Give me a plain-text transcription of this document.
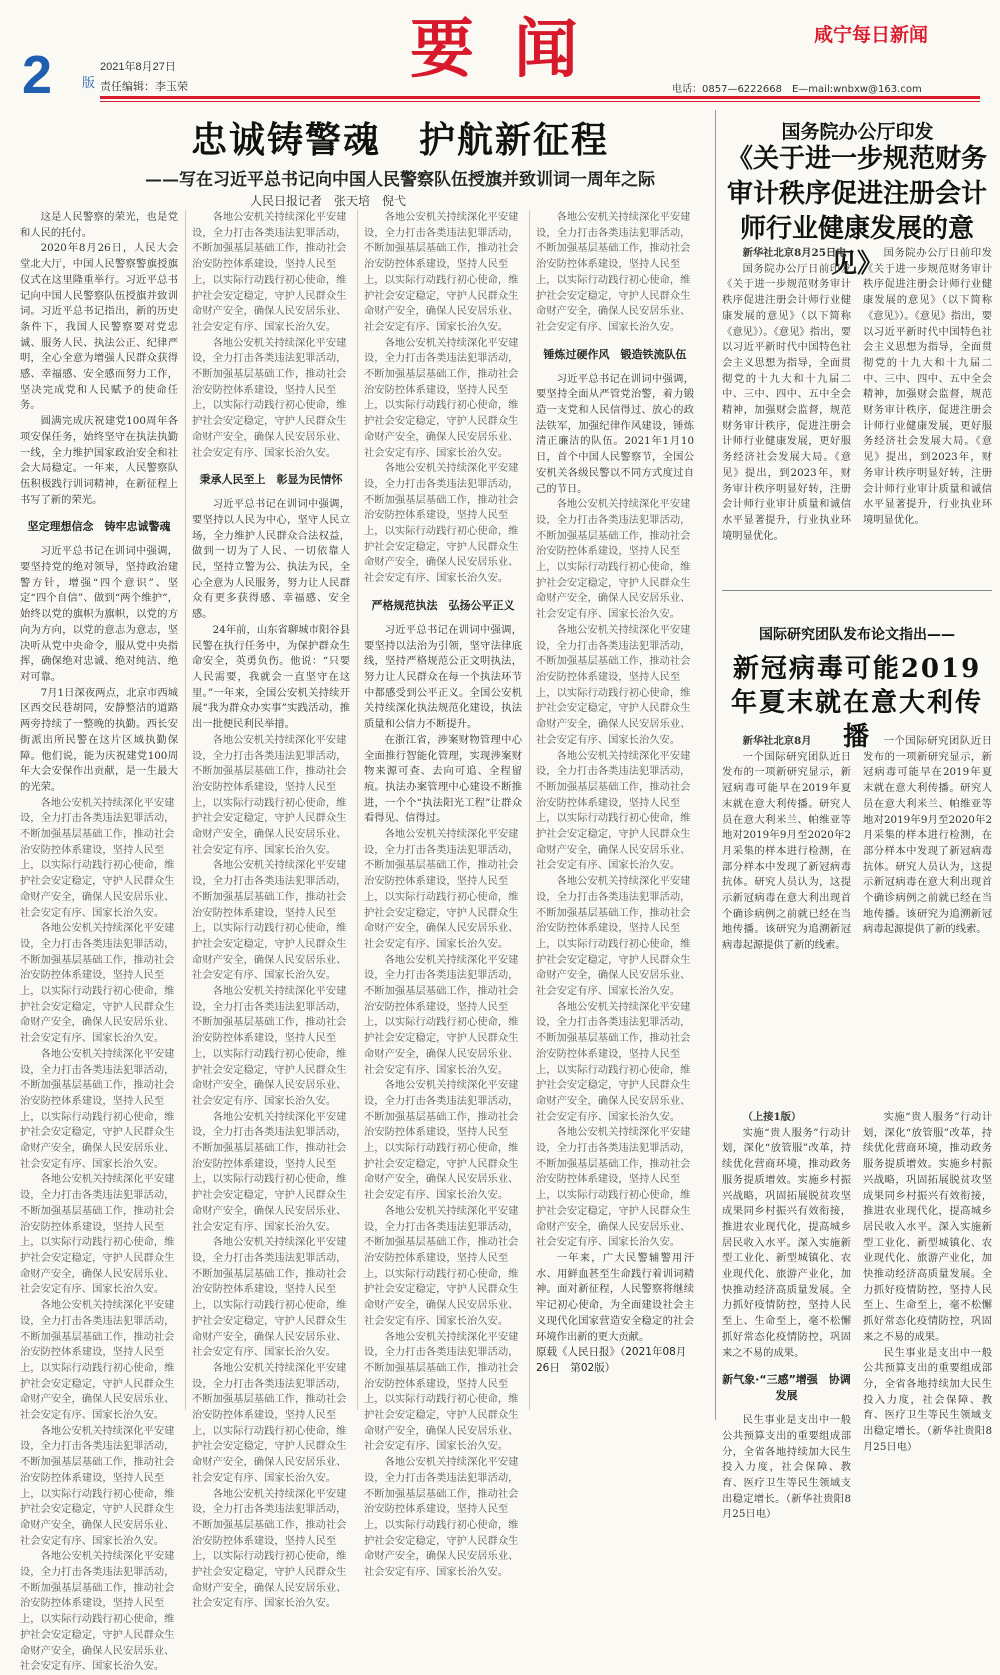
2 版
2021年8月27日
责任编辑：李玉荣	要闻	咸宁每日新闻
电话：0857—6222668　E—mail:wnbxw@163.com
忠诚铸警魂　护航新征程
——写在习近平总书记向中国人民警察队伍授旗并致训词一周年之际
人民日报记者　张天培　倪弋

这是人民警察的荣光，也是党和人民的托付。

2020年8月26日，人民大会堂北大厅，中国人民警察警旗授旗仪式在这里隆重举行。习近平总书记向中国人民警察队伍授旗并致训词。习近平总书记指出，新的历史条件下，我国人民警察要对党忠诚、服务人民、执法公正、纪律严明，全心全意为增强人民群众获得感、幸福感、安全感而努力工作，坚决完成党和人民赋予的使命任务。

圆满完成庆祝建党100周年各项安保任务，始终坚守在执法执勤一线，全力维护国家政治安全和社会大局稳定。一年来，人民警察队伍积极践行训词精神，在新征程上书写了新的荣光。

坚定理想信念　铸牢忠诚警魂

习近平总书记在训词中强调，要坚持党的绝对领导，坚持政治建警方针，增强“四个意识”、坚定“四个自信”、做到“两个维护”，始终以党的旗帜为旗帜，以党的方向为方向，以党的意志为意志，坚决听从党中央命令，服从党中央指挥，确保绝对忠诚、绝对纯洁、绝对可靠。

7月1日深夜两点，北京市西城区西交民巷胡同，安静整洁的道路两旁持续了一整晚的执勤。西长安街派出所民警在这片区域执勤保障。他们说，能为庆祝建党100周年大会安保作出贡献，是一生最大的光荣。

各地公安机关持续深化平安建设，全力打击各类违法犯罪活动，不断加强基层基础工作，推动社会治安防控体系建设，坚持人民至上，以实际行动践行初心使命，维护社会安定稳定，守护人民群众生命财产安全，确保人民安居乐业、社会安定有序、国家长治久安。

各地公安机关持续深化平安建设，全力打击各类违法犯罪活动，不断加强基层基础工作，推动社会治安防控体系建设，坚持人民至上，以实际行动践行初心使命，维护社会安定稳定，守护人民群众生命财产安全，确保人民安居乐业、社会安定有序、国家长治久安。

各地公安机关持续深化平安建设，全力打击各类违法犯罪活动，不断加强基层基础工作，推动社会治安防控体系建设，坚持人民至上，以实际行动践行初心使命，维护社会安定稳定，守护人民群众生命财产安全，确保人民安居乐业、社会安定有序、国家长治久安。

各地公安机关持续深化平安建设，全力打击各类违法犯罪活动，不断加强基层基础工作，推动社会治安防控体系建设，坚持人民至上，以实际行动践行初心使命，维护社会安定稳定，守护人民群众生命财产安全，确保人民安居乐业、社会安定有序、国家长治久安。

各地公安机关持续深化平安建设，全力打击各类违法犯罪活动，不断加强基层基础工作，推动社会治安防控体系建设，坚持人民至上，以实际行动践行初心使命，维护社会安定稳定，守护人民群众生命财产安全，确保人民安居乐业、社会安定有序、国家长治久安。

各地公安机关持续深化平安建设，全力打击各类违法犯罪活动，不断加强基层基础工作，推动社会治安防控体系建设，坚持人民至上，以实际行动践行初心使命，维护社会安定稳定，守护人民群众生命财产安全，确保人民安居乐业、社会安定有序、国家长治久安。

各地公安机关持续深化平安建设，全力打击各类违法犯罪活动，不断加强基层基础工作，推动社会治安防控体系建设，坚持人民至上，以实际行动践行初心使命，维护社会安定稳定，守护人民群众生命财产安全，确保人民安居乐业、社会安定有序、国家长治久安。

各地公安机关持续深化平安建设，全力打击各类违法犯罪活动，不断加强基层基础工作，推动社会治安防控体系建设，坚持人民至上，以实际行动践行初心使命，维护社会安定稳定，守护人民群众生命财产安全，确保人民安居乐业、社会安定有序、国家长治久安。

各地公安机关持续深化平安建设，全力打击各类违法犯罪活动，不断加强基层基础工作，推动社会治安防控体系建设，坚持人民至上，以实际行动践行初心使命，维护社会安定稳定，守护人民群众生命财产安全，确保人民安居乐业、社会安定有序、国家长治久安。

秉承人民至上　彰显为民情怀

习近平总书记在训词中强调，要坚持以人民为中心，坚守人民立场，全力维护人民群众合法权益，做到一切为了人民、一切依靠人民，坚持立警为公、执法为民，全心全意为人民服务，努力让人民群众有更多获得感、幸福感、安全感。

24年前，山东省聊城市阳谷县民警在执行任务中，为保护群众生命安全，英勇负伤。他说：“只要人民需要，我就会一直坚守在这里。”一年来，全国公安机关持续开展“我为群众办实事”实践活动，推出一批便民利民举措。

各地公安机关持续深化平安建设，全力打击各类违法犯罪活动，不断加强基层基础工作，推动社会治安防控体系建设，坚持人民至上，以实际行动践行初心使命，维护社会安定稳定，守护人民群众生命财产安全，确保人民安居乐业、社会安定有序、国家长治久安。

各地公安机关持续深化平安建设，全力打击各类违法犯罪活动，不断加强基层基础工作，推动社会治安防控体系建设，坚持人民至上，以实际行动践行初心使命，维护社会安定稳定，守护人民群众生命财产安全，确保人民安居乐业、社会安定有序、国家长治久安。

各地公安机关持续深化平安建设，全力打击各类违法犯罪活动，不断加强基层基础工作，推动社会治安防控体系建设，坚持人民至上，以实际行动践行初心使命，维护社会安定稳定，守护人民群众生命财产安全，确保人民安居乐业、社会安定有序、国家长治久安。

各地公安机关持续深化平安建设，全力打击各类违法犯罪活动，不断加强基层基础工作，推动社会治安防控体系建设，坚持人民至上，以实际行动践行初心使命，维护社会安定稳定，守护人民群众生命财产安全，确保人民安居乐业、社会安定有序、国家长治久安。

各地公安机关持续深化平安建设，全力打击各类违法犯罪活动，不断加强基层基础工作，推动社会治安防控体系建设，坚持人民至上，以实际行动践行初心使命，维护社会安定稳定，守护人民群众生命财产安全，确保人民安居乐业、社会安定有序、国家长治久安。

各地公安机关持续深化平安建设，全力打击各类违法犯罪活动，不断加强基层基础工作，推动社会治安防控体系建设，坚持人民至上，以实际行动践行初心使命，维护社会安定稳定，守护人民群众生命财产安全，确保人民安居乐业、社会安定有序、国家长治久安。

各地公安机关持续深化平安建设，全力打击各类违法犯罪活动，不断加强基层基础工作，推动社会治安防控体系建设，坚持人民至上，以实际行动践行初心使命，维护社会安定稳定，守护人民群众生命财产安全，确保人民安居乐业、社会安定有序、国家长治久安。

各地公安机关持续深化平安建设，全力打击各类违法犯罪活动，不断加强基层基础工作，推动社会治安防控体系建设，坚持人民至上，以实际行动践行初心使命，维护社会安定稳定，守护人民群众生命财产安全，确保人民安居乐业、社会安定有序、国家长治久安。

各地公安机关持续深化平安建设，全力打击各类违法犯罪活动，不断加强基层基础工作，推动社会治安防控体系建设，坚持人民至上，以实际行动践行初心使命，维护社会安定稳定，守护人民群众生命财产安全，确保人民安居乐业、社会安定有序、国家长治久安。

各地公安机关持续深化平安建设，全力打击各类违法犯罪活动，不断加强基层基础工作，推动社会治安防控体系建设，坚持人民至上，以实际行动践行初心使命，维护社会安定稳定，守护人民群众生命财产安全，确保人民安居乐业、社会安定有序、国家长治久安。

严格规范执法　弘扬公平正义

习近平总书记在训词中强调，要坚持以法治为引领，坚守法律底线，坚持严格规范公正文明执法，努力让人民群众在每一个执法环节中都感受到公平正义。全国公安机关持续深化执法规范化建设，执法质量和公信力不断提升。

在浙江省，涉案财物管理中心全面推行智能化管理，实现涉案财物来源可查、去向可追、全程留痕。执法办案管理中心建设不断推进，一个个“执法阳光工程”让群众看得见、信得过。

各地公安机关持续深化平安建设，全力打击各类违法犯罪活动，不断加强基层基础工作，推动社会治安防控体系建设，坚持人民至上，以实际行动践行初心使命，维护社会安定稳定，守护人民群众生命财产安全，确保人民安居乐业、社会安定有序、国家长治久安。

各地公安机关持续深化平安建设，全力打击各类违法犯罪活动，不断加强基层基础工作，推动社会治安防控体系建设，坚持人民至上，以实际行动践行初心使命，维护社会安定稳定，守护人民群众生命财产安全，确保人民安居乐业、社会安定有序、国家长治久安。

各地公安机关持续深化平安建设，全力打击各类违法犯罪活动，不断加强基层基础工作，推动社会治安防控体系建设，坚持人民至上，以实际行动践行初心使命，维护社会安定稳定，守护人民群众生命财产安全，确保人民安居乐业、社会安定有序、国家长治久安。

各地公安机关持续深化平安建设，全力打击各类违法犯罪活动，不断加强基层基础工作，推动社会治安防控体系建设，坚持人民至上，以实际行动践行初心使命，维护社会安定稳定，守护人民群众生命财产安全，确保人民安居乐业、社会安定有序、国家长治久安。

各地公安机关持续深化平安建设，全力打击各类违法犯罪活动，不断加强基层基础工作，推动社会治安防控体系建设，坚持人民至上，以实际行动践行初心使命，维护社会安定稳定，守护人民群众生命财产安全，确保人民安居乐业、社会安定有序、国家长治久安。

各地公安机关持续深化平安建设，全力打击各类违法犯罪活动，不断加强基层基础工作，推动社会治安防控体系建设，坚持人民至上，以实际行动践行初心使命，维护社会安定稳定，守护人民群众生命财产安全，确保人民安居乐业、社会安定有序、国家长治久安。

各地公安机关持续深化平安建设，全力打击各类违法犯罪活动，不断加强基层基础工作，推动社会治安防控体系建设，坚持人民至上，以实际行动践行初心使命，维护社会安定稳定，守护人民群众生命财产安全，确保人民安居乐业、社会安定有序、国家长治久安。

锤炼过硬作风　锻造铁流队伍

习近平总书记在训词中强调，要坚持全面从严管党治警，着力锻造一支党和人民信得过、放心的政法铁军，加强纪律作风建设，锤炼清正廉洁的队伍。2021年1月10日，首个中国人民警察节，全国公安机关各级民警以不同方式度过自己的节日。

各地公安机关持续深化平安建设，全力打击各类违法犯罪活动，不断加强基层基础工作，推动社会治安防控体系建设，坚持人民至上，以实际行动践行初心使命，维护社会安定稳定，守护人民群众生命财产安全，确保人民安居乐业、社会安定有序、国家长治久安。

各地公安机关持续深化平安建设，全力打击各类违法犯罪活动，不断加强基层基础工作，推动社会治安防控体系建设，坚持人民至上，以实际行动践行初心使命，维护社会安定稳定，守护人民群众生命财产安全，确保人民安居乐业、社会安定有序、国家长治久安。

各地公安机关持续深化平安建设，全力打击各类违法犯罪活动，不断加强基层基础工作，推动社会治安防控体系建设，坚持人民至上，以实际行动践行初心使命，维护社会安定稳定，守护人民群众生命财产安全，确保人民安居乐业、社会安定有序、国家长治久安。

各地公安机关持续深化平安建设，全力打击各类违法犯罪活动，不断加强基层基础工作，推动社会治安防控体系建设，坚持人民至上，以实际行动践行初心使命，维护社会安定稳定，守护人民群众生命财产安全，确保人民安居乐业、社会安定有序、国家长治久安。

各地公安机关持续深化平安建设，全力打击各类违法犯罪活动，不断加强基层基础工作，推动社会治安防控体系建设，坚持人民至上，以实际行动践行初心使命，维护社会安定稳定，守护人民群众生命财产安全，确保人民安居乐业、社会安定有序、国家长治久安。

各地公安机关持续深化平安建设，全力打击各类违法犯罪活动，不断加强基层基础工作，推动社会治安防控体系建设，坚持人民至上，以实际行动践行初心使命，维护社会安定稳定，守护人民群众生命财产安全，确保人民安居乐业、社会安定有序、国家长治久安。

一年来，广大民警辅警用汗水、用鲜血甚至生命践行着训词精神。面对新征程，人民警察将继续牢记初心使命，为全面建设社会主义现代化国家营造安全稳定的社会环境作出新的更大贡献。

原载《人民日报》（2021年08月26日　第02版）

国务院办公厅印发
《关于进一步规范财务审计秩序促进注册会计师行业健康发展的意见》

新华社北京8月25日电

国务院办公厅日前印发《关于进一步规范财务审计秩序促进注册会计师行业健康发展的意见》（以下简称《意见》）。《意见》指出，要以习近平新时代中国特色社会主义思想为指导，全面贯彻党的十九大和十九届二中、三中、四中、五中全会精神，加强财会监督，规范财务审计秩序，促进注册会计师行业健康发展，更好服务经济社会发展大局。《意见》提出，到2023年，财务审计秩序明显好转，注册会计师行业审计质量和诚信水平显著提升，行业执业环境明显优化。

国务院办公厅日前印发《关于进一步规范财务审计秩序促进注册会计师行业健康发展的意见》（以下简称《意见》）。《意见》指出，要以习近平新时代中国特色社会主义思想为指导，全面贯彻党的十九大和十九届二中、三中、四中、五中全会精神，加强财会监督，规范财务审计秩序，促进注册会计师行业健康发展，更好服务经济社会发展大局。《意见》提出，到2023年，财务审计秩序明显好转，注册会计师行业审计质量和诚信水平显著提升，行业执业环境明显优化。

国际研究团队发布论文指出——
新冠病毒可能2019年夏末就在意大利传播

新华社北京8月

一个国际研究团队近日发布的一项新研究显示，新冠病毒可能早在2019年夏末就在意大利传播。研究人员在意大利米兰、帕维亚等地对2019年9月至2020年2月采集的样本进行检测，在部分样本中发现了新冠病毒抗体。研究人员认为，这提示新冠病毒在意大利出现首个确诊病例之前就已经在当地传播。该研究为追溯新冠病毒起源提供了新的线索。

一个国际研究团队近日发布的一项新研究显示，新冠病毒可能早在2019年夏末就在意大利传播。研究人员在意大利米兰、帕维亚等地对2019年9月至2020年2月采集的样本进行检测，在部分样本中发现了新冠病毒抗体。研究人员认为，这提示新冠病毒在意大利出现首个确诊病例之前就已经在当地传播。该研究为追溯新冠病毒起源提供了新的线索。

（上接1版）

实施“贵人服务”行动计划，深化“放管服”改革，持续优化营商环境，推动政务服务提质增效。实施乡村振兴战略，巩固拓展脱贫攻坚成果同乡村振兴有效衔接，推进农业现代化，提高城乡居民收入水平。深入实施新型工业化、新型城镇化、农业现代化、旅游产业化，加快推动经济高质量发展。全力抓好疫情防控，坚持人民至上、生命至上，毫不松懈抓好常态化疫情防控，巩固来之不易的成果。

新气象·“三感”增强　协调发展

民生事业是支出中一般公共预算支出的重要组成部分，全省各地持续加大民生投入力度，社会保障、教育、医疗卫生等民生领域支出稳定增长。（新华社贵阳8月25日电）

实施“贵人服务”行动计划，深化“放管服”改革，持续优化营商环境，推动政务服务提质增效。实施乡村振兴战略，巩固拓展脱贫攻坚成果同乡村振兴有效衔接，推进农业现代化，提高城乡居民收入水平。深入实施新型工业化、新型城镇化、农业现代化、旅游产业化，加快推动经济高质量发展。全力抓好疫情防控，坚持人民至上、生命至上，毫不松懈抓好常态化疫情防控，巩固来之不易的成果。

民生事业是支出中一般公共预算支出的重要组成部分，全省各地持续加大民生投入力度，社会保障、教育、医疗卫生等民生领域支出稳定增长。（新华社贵阳8月25日电）
